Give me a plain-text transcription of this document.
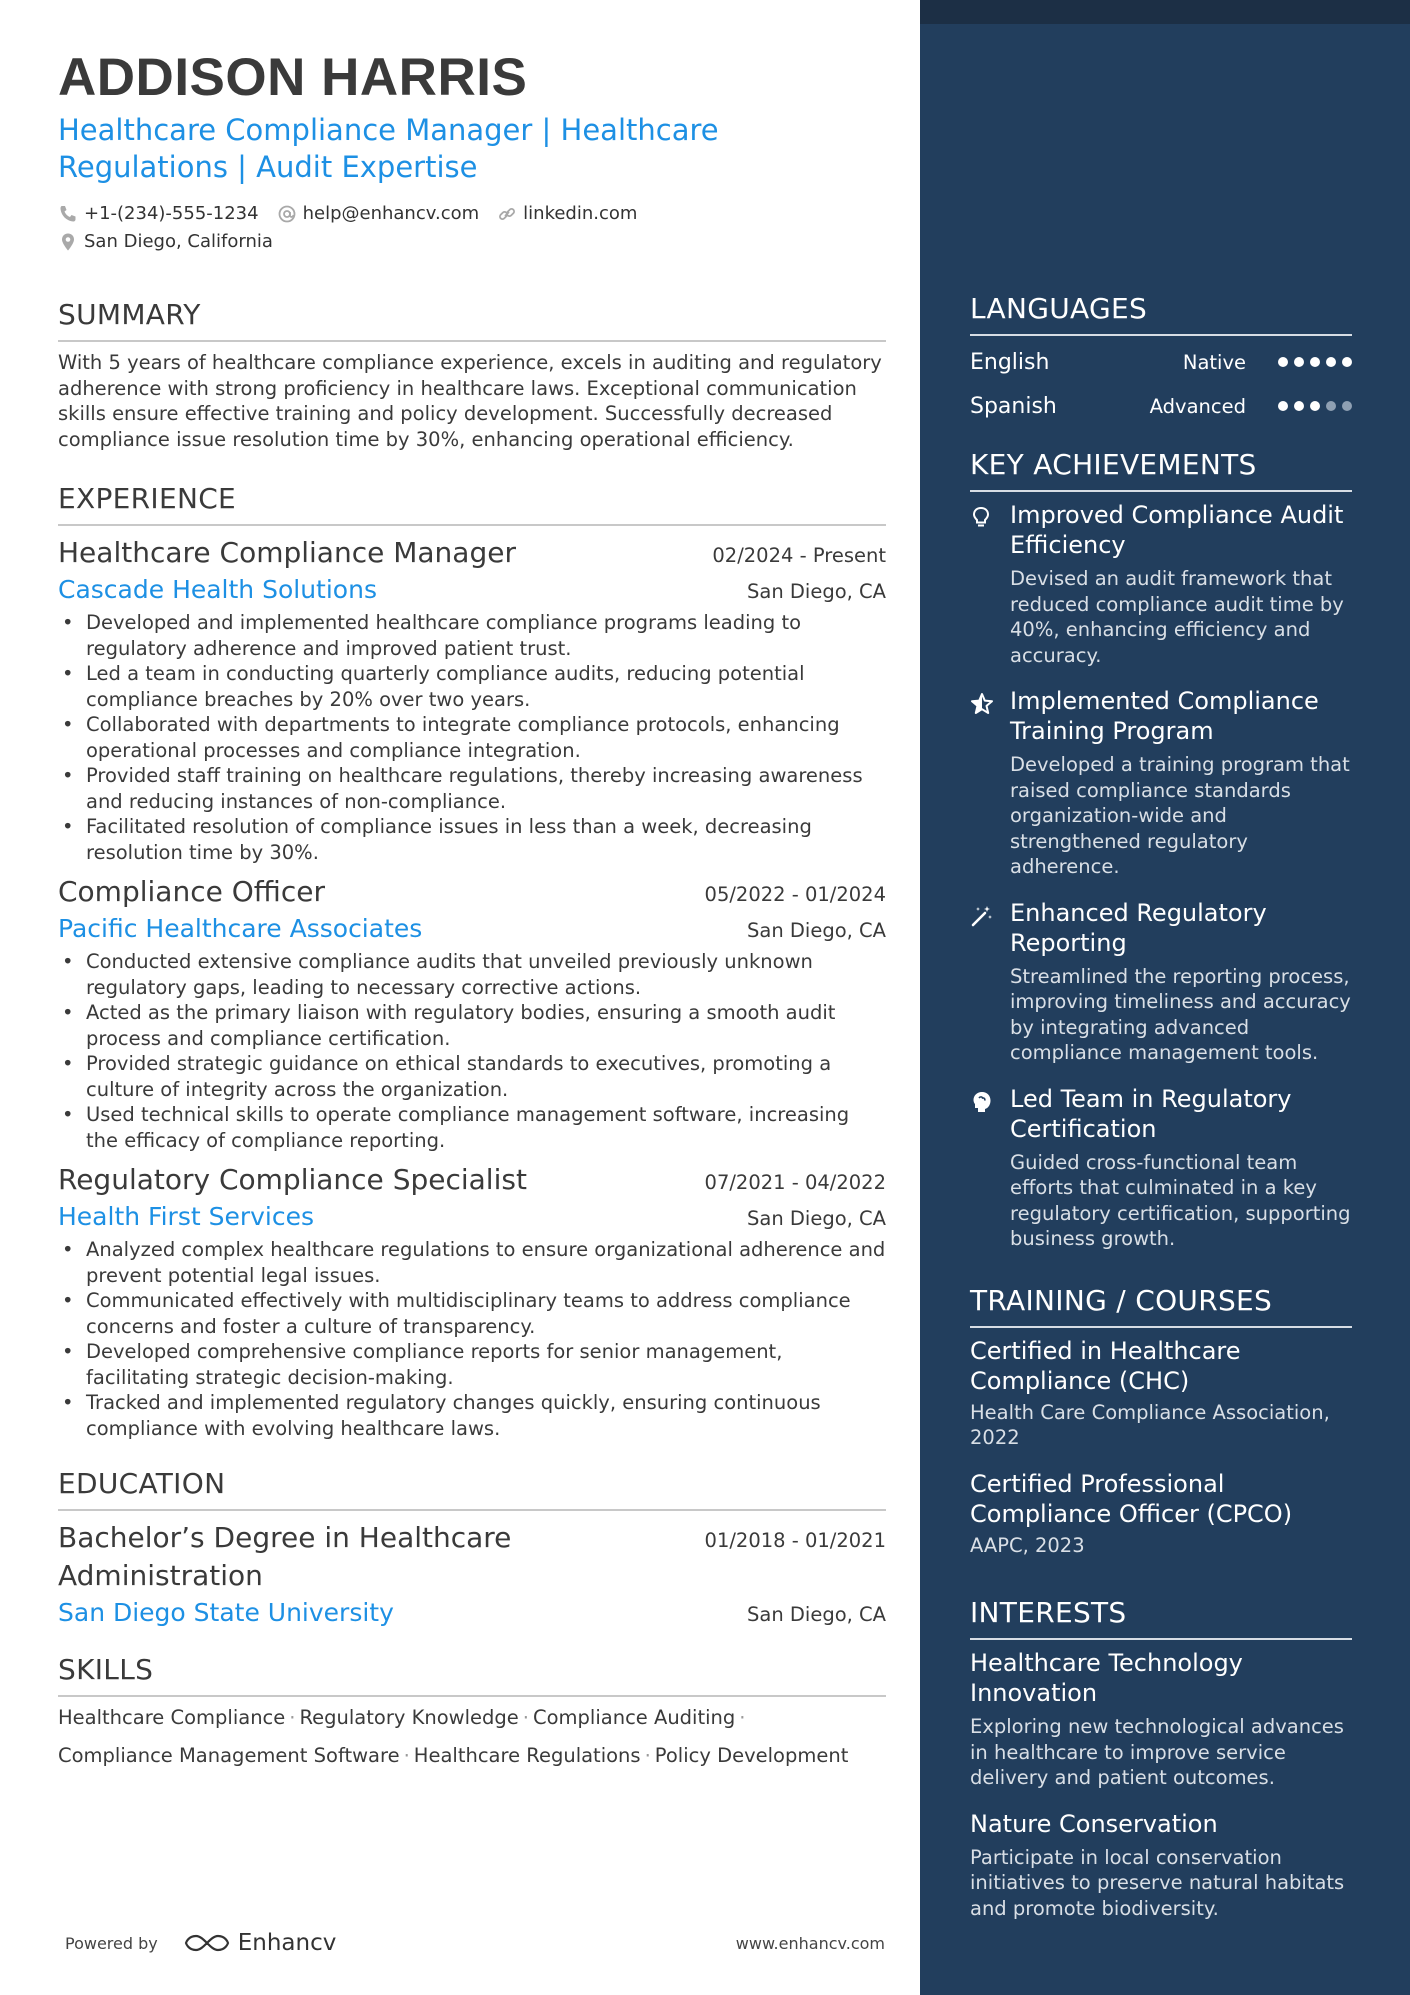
ADDISON HARRIS
Healthcare Compliance Manager | Healthcare Regulations | Audit Expertise
+1-(234)-555-1234 help@enhancv.com linkedin.com
San Diego, California
SUMMARY
With 5 years of healthcare compliance experience, excels in auditing and regulatory adherence with strong proficiency in healthcare laws. Exceptional communication skills ensure effective training and policy development. Successfully decreased compliance issue resolution time by 30%, enhancing operational efficiency.
EXPERIENCE
Healthcare Compliance Manager	02/2024 - Present
Cascade Health Solutions	San Diego, CA
• Developed and implemented healthcare compliance programs leading to regulatory adherence and improved patient trust.
• Led a team in conducting quarterly compliance audits, reducing potential compliance breaches by 20% over two years.
• Collaborated with departments to integrate compliance protocols, enhancing operational processes and compliance integration.
• Provided staff training on healthcare regulations, thereby increasing awareness and reducing instances of non-compliance.
• Facilitated resolution of compliance issues in less than a week, decreasing resolution time by 30%.
Compliance Officer	05/2022 - 01/2024
Pacific Healthcare Associates	San Diego, CA
• Conducted extensive compliance audits that unveiled previously unknown regulatory gaps, leading to necessary corrective actions.
• Acted as the primary liaison with regulatory bodies, ensuring a smooth audit process and compliance certification.
• Provided strategic guidance on ethical standards to executives, promoting a culture of integrity across the organization.
• Used technical skills to operate compliance management software, increasing the efficacy of compliance reporting.
Regulatory Compliance Specialist	07/2021 - 04/2022
Health First Services	San Diego, CA
• Analyzed complex healthcare regulations to ensure organizational adherence and prevent potential legal issues.
• Communicated effectively with multidisciplinary teams to address compliance concerns and foster a culture of transparency.
• Developed comprehensive compliance reports for senior management, facilitating strategic decision-making.
• Tracked and implemented regulatory changes quickly, ensuring continuous compliance with evolving healthcare laws.
EDUCATION
Bachelor’s Degree in Healthcare Administration
01/2018 - 01/2021
San Diego State University	San Diego, CA
SKILLS
Healthcare Compliance · Regulatory Knowledge · Compliance Auditing ·
Compliance Management Software · Healthcare Regulations · Policy Development
Powered by	Enhancv	www.enhancv.com
LANGUAGES
English	Native
Spanish	Advanced
KEY ACHIEVEMENTS
Improved Compliance Audit Efficiency
Devised an audit framework that reduced compliance audit time by 40%, enhancing efficiency and accuracy.
Implemented Compliance Training Program
Developed a training program that raised compliance standards organization-wide and strengthened regulatory adherence.
Enhanced Regulatory Reporting
Streamlined the reporting process, improving timeliness and accuracy by integrating advanced compliance management tools.
Led Team in Regulatory Certification
Guided cross-functional team efforts that culminated in a key regulatory certification, supporting business growth.
TRAINING / COURSES
Certified in Healthcare Compliance (CHC)
Health Care Compliance Association, 2022
Certified Professional Compliance Officer (CPCO)
AAPC, 2023
INTERESTS
Healthcare Technology Innovation
Exploring new technological advances in healthcare to improve service delivery and patient outcomes.
Nature Conservation
Participate in local conservation initiatives to preserve natural habitats and promote biodiversity.
